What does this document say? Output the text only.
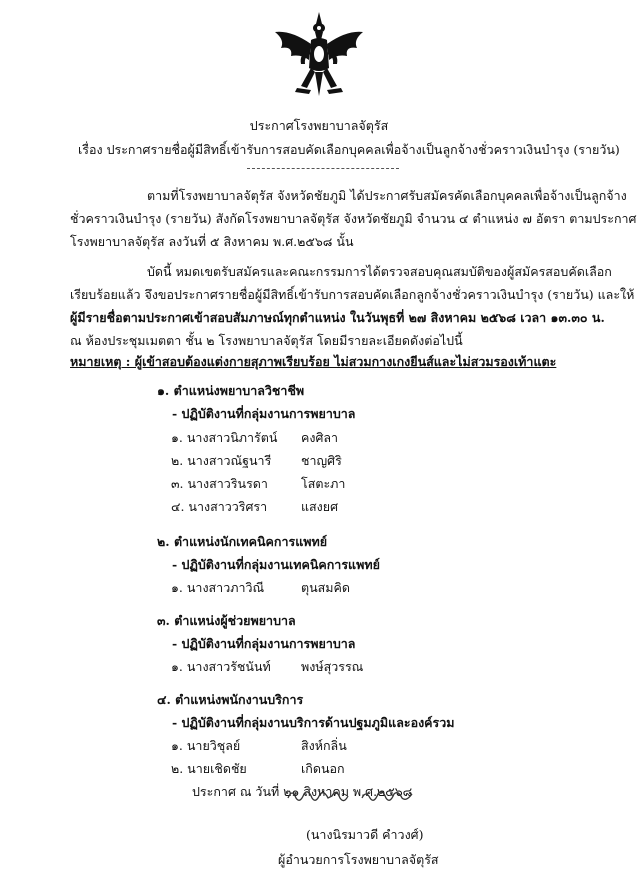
ประกาศโรงพยาบาลจัตุรัส
เรื่อง ประกาศรายชื่อผู้มีสิทธิ์เข้ารับการสอบคัดเลือกบุคคลเพื่อจ้างเป็นลูกจ้างชั่วคราวเงินบำรุง (รายวัน)
ตามที่โรงพยาบาลจัตุรัส จังหวัดชัยภูมิ ได้ประกาศรับสมัครคัดเลือกบุคคลเพื่อจ้างเป็นลูกจ้าง
ชั่วคราวเงินบำรุง (รายวัน) สังกัดโรงพยาบาลจัตุรัส จังหวัดชัยภูมิ จำนวน ๔ ตำแหน่ง ๗ อัตรา ตามประกาศ
โรงพยาบาลจัตุรัส ลงวันที่ ๕ สิงหาคม พ.ศ.๒๕๖๘ นั้น
บัดนี้ หมดเขตรับสมัครและคณะกรรมการได้ตรวจสอบคุณสมบัติของผู้สมัครสอบคัดเลือก
เรียบร้อยแล้ว จึงขอประกาศรายชื่อผู้มีสิทธิ์เข้ารับการสอบคัดเลือกลูกจ้างชั่วคราวเงินบำรุง (รายวัน) และให้
ผู้มีรายชื่อตามประกาศเข้าสอบสัมภาษณ์ทุกตำแหน่ง ในวันพุธที่ ๒๗ สิงหาคม ๒๕๖๘ เวลา ๑๓.๓๐ น.
ณ ห้องประชุมเมตตา ชั้น ๒ โรงพยาบาลจัตุรัส โดยมีรายละเอียดดังต่อไปนี้
หมายเหตุ : ผู้เข้าสอบต้องแต่งกายสุภาพเรียบร้อย ไม่สวมกางเกงยีนส์และไม่สวมรองเท้าแตะ
๑. ตำแหน่งพยาบาลวิชาชีพ
- ปฏิบัติงานที่กลุ่มงานการพยาบาล
๑. นางสาวนิภารัตน์ คงศิลา
๒. นางสาวณัฐนารี ชาญศิริ
๓. นางสาวรินรดา	โสตะภา
๔. นางสาววริศรา	แสงยศ
๒. ตำแหน่งนักเทคนิคการแพทย์
- ปฏิบัติงานที่กลุ่มงานเทคนิคการแพทย์
๑. นางสาวภาวิณี	ตุนสมคิด
๓. ตำแหน่งผู้ช่วยพยาบาล
- ปฏิบัติงานที่กลุ่มงานการพยาบาล
๑. นางสาวรัชนันท์ พงษ์สุวรรณ
๔. ตำแหน่งพนักงานบริการ
- ปฏิบัติงานที่กลุ่มงานบริการด้านปฐมภูมิและองค์รวม
๑. นายวิชุลย์	สิงห์กลิ่น
๒. นายเชิดชัย	เกิดนอก
ประกาศ ณ วันที่ ๒๑ สิงหาคม พ.ศ.๒๕๖๘
(นางนิรมาวดี คำวงศ์)
ผู้อำนวยการโรงพยาบาลจัตุรัส
